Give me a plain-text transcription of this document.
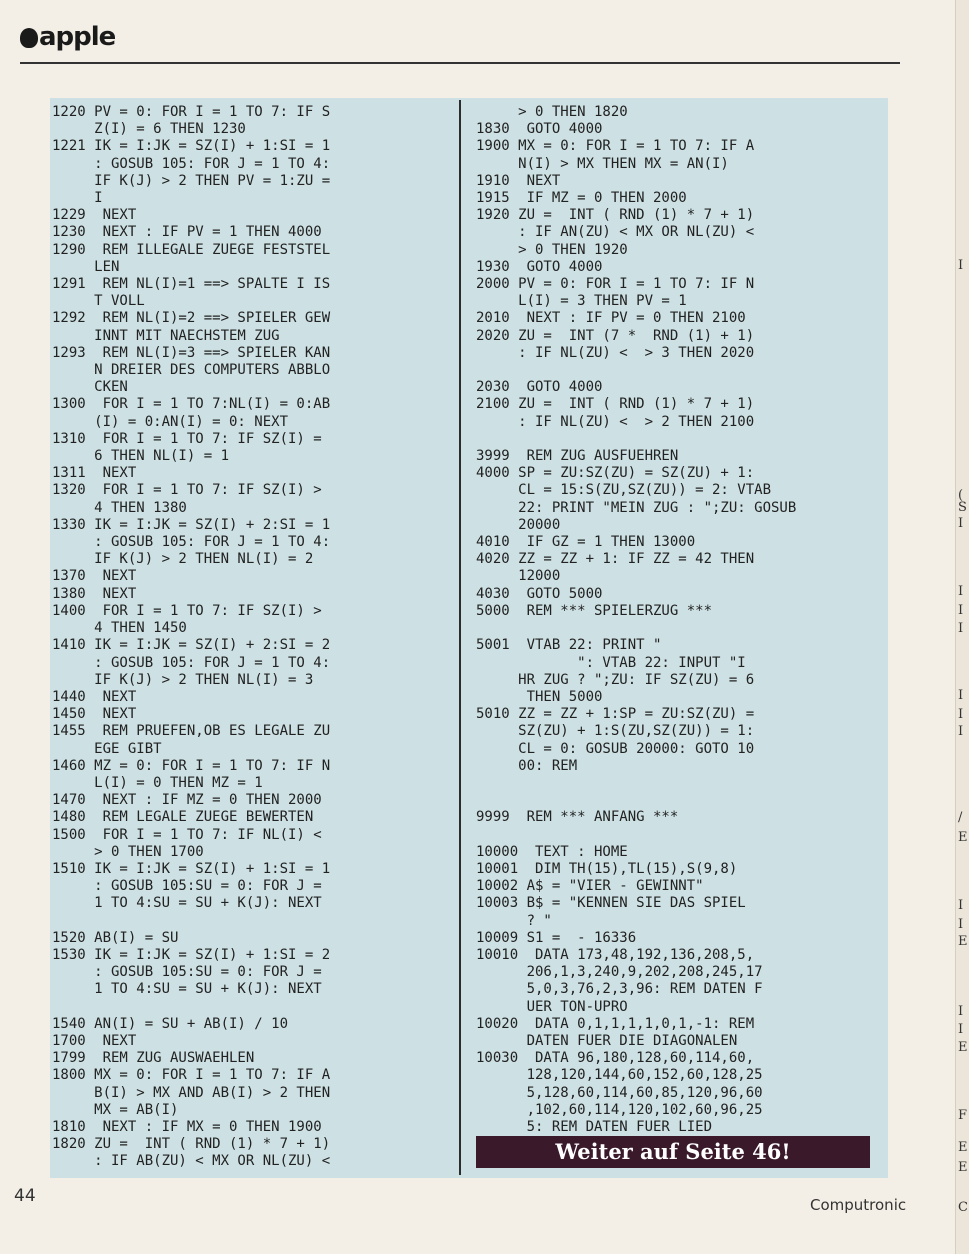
apple
1220 PV = 0: FOR I = 1 TO 7: IF S
Z(I) = 6 THEN 1230
1221 IK = I:JK = SZ(I) + 1:SI = 1
: GOSUB 105: FOR J = 1 TO 4:
IF K(J) > 2 THEN PV = 1:ZU =
I
1229  NEXT
1230  NEXT : IF PV = 1 THEN 4000
1290  REM ILLEGALE ZUEGE FESTSTEL
LEN
1291  REM NL(I)=1 ==> SPALTE I IS
T VOLL
1292  REM NL(I)=2 ==> SPIELER GEW
INNT MIT NAECHSTEM ZUG
1293  REM NL(I)=3 ==> SPIELER KAN
N DREIER DES COMPUTERS ABBLO
CKEN
1300  FOR I = 1 TO 7:NL(I) = 0:AB
(I) = 0:AN(I) = 0: NEXT
1310  FOR I = 1 TO 7: IF SZ(I) =
6 THEN NL(I) = 1
1311  NEXT
1320  FOR I = 1 TO 7: IF SZ(I) >
4 THEN 1380
1330 IK = I:JK = SZ(I) + 2:SI = 1
: GOSUB 105: FOR J = 1 TO 4:
IF K(J) > 2 THEN NL(I) = 2
1370  NEXT
1380  NEXT
1400  FOR I = 1 TO 7: IF SZ(I) >
4 THEN 1450
1410 IK = I:JK = SZ(I) + 2:SI = 2
: GOSUB 105: FOR J = 1 TO 4:
IF K(J) > 2 THEN NL(I) = 3
1440  NEXT
1450  NEXT
1455  REM PRUEFEN,OB ES LEGALE ZU
EGE GIBT
1460 MZ = 0: FOR I = 1 TO 7: IF N
L(I) = 0 THEN MZ = 1
1470  NEXT : IF MZ = 0 THEN 2000
1480  REM LEGALE ZUEGE BEWERTEN
1500  FOR I = 1 TO 7: IF NL(I) <
> 0 THEN 1700
1510 IK = I:JK = SZ(I) + 1:SI = 1
: GOSUB 105:SU = 0: FOR J =
1 TO 4:SU = SU + K(J): NEXT

1520 AB(I) = SU
1530 IK = I:JK = SZ(I) + 1:SI = 2
: GOSUB 105:SU = 0: FOR J =
1 TO 4:SU = SU + K(J): NEXT

1540 AN(I) = SU + AB(I) / 10
1700  NEXT
1799  REM ZUG AUSWAEHLEN
1800 MX = 0: FOR I = 1 TO 7: IF A
B(I) > MX AND AB(I) > 2 THEN
MX = AB(I)
1810  NEXT : IF MX = 0 THEN 1900
1820 ZU =  INT ( RND (1) * 7 + 1)
: IF AB(ZU) < MX OR NL(ZU) <
> 0 THEN 1820
1830  GOTO 4000
1900 MX = 0: FOR I = 1 TO 7: IF A
N(I) > MX THEN MX = AN(I)
1910  NEXT
1915  IF MZ = 0 THEN 2000
1920 ZU =  INT ( RND (1) * 7 + 1)
: IF AN(ZU) < MX OR NL(ZU) <
> 0 THEN 1920
1930  GOTO 4000
2000 PV = 0: FOR I = 1 TO 7: IF N
L(I) = 3 THEN PV = 1
2010  NEXT : IF PV = 0 THEN 2100
2020 ZU =  INT (7 *  RND (1) + 1)
: IF NL(ZU) <  > 3 THEN 2020

2030  GOTO 4000
2100 ZU =  INT ( RND (1) * 7 + 1)
: IF NL(ZU) <  > 2 THEN 2100

3999  REM ZUG AUSFUEHREN
4000 SP = ZU:SZ(ZU) = SZ(ZU) + 1:
CL = 15:S(ZU,SZ(ZU)) = 2: VTAB
22: PRINT "MEIN ZUG : ";ZU: GOSUB
20000
4010  IF GZ = 1 THEN 13000
4020 ZZ = ZZ + 1: IF ZZ = 42 THEN
12000
4030  GOTO 5000
5000  REM *** SPIELERZUG ***

5001  VTAB 22: PRINT "
": VTAB 22: INPUT "I
HR ZUG ? ";ZU: IF SZ(ZU) = 6
THEN 5000
5010 ZZ = ZZ + 1:SP = ZU:SZ(ZU) =
SZ(ZU) + 1:S(ZU,SZ(ZU)) = 1:
CL = 0: GOSUB 20000: GOTO 10
00: REM

9999  REM *** ANFANG ***

10000  TEXT : HOME
10001  DIM TH(15),TL(15),S(9,8)
10002 A$ = "VIER - GEWINNT"
10003 B$ = "KENNEN SIE DAS SPIEL
? "
10009 S1 =  - 16336
10010  DATA 173,48,192,136,208,5,
206,1,3,240,9,202,208,245,17
5,0,3,76,2,3,96: REM DATEN F
UER TON-UPRO
10020  DATA 0,1,1,1,1,0,1,-1: REM
DATEN FUER DIE DIAGONALEN
10030  DATA 96,180,128,60,114,60,
128,120,144,60,152,60,128,25
5,128,60,114,60,85,120,96,60
,102,60,114,120,102,60,96,25
5: REM DATEN FUER LIED
Weiter auf Seite 46!
44	Computronic
I
(
S
I
I
I
I
I
I
I
/
E
I
I
E
I
I
E
F
E
E
C
